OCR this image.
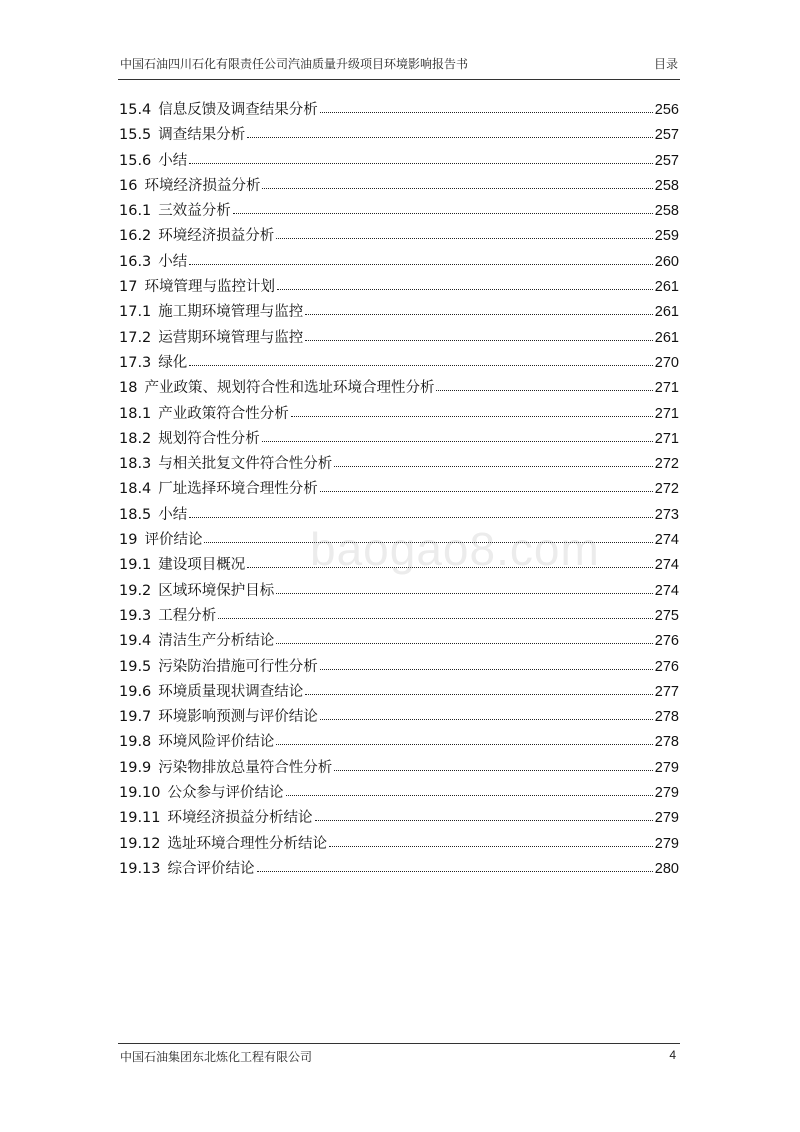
中国石油四川石化有限责任公司汽油质量升级项目环境影响报告书	目录
15.4 信息反馈及调查结果分析	256
15.5 调查结果分析	257
15.6 小结	257
16 环境经济损益分析	258
16.1 三效益分析	258
16.2 环境经济损益分析	259
16.3 小结	260
17 环境管理与监控计划	261
17.1 施工期环境管理与监控	261
17.2 运营期环境管理与监控	261
17.3 绿化	270
18 产业政策、规划符合性和选址环境合理性分析	271
18.1 产业政策符合性分析	271
18.2 规划符合性分析	271
18.3 与相关批复文件符合性分析	272
18.4 厂址选择环境合理性分析	272
18.5 小结	273
19 评价结论	274
19.1 建设项目概况	274
19.2 区域环境保护目标	274
19.3 工程分析	275
19.4 清洁生产分析结论	276
19.5 污染防治措施可行性分析	276
19.6 环境质量现状调查结论	277
19.7 环境影响预测与评价结论	278
19.8 环境风险评价结论	278
19.9 污染物排放总量符合性分析	279
19.10 公众参与评价结论	279
19.11 环境经济损益分析结论	279
19.12 选址环境合理性分析结论	279
19.13 综合评价结论	280
baogao8.com
中国石油集团东北炼化工程有限公司	4
